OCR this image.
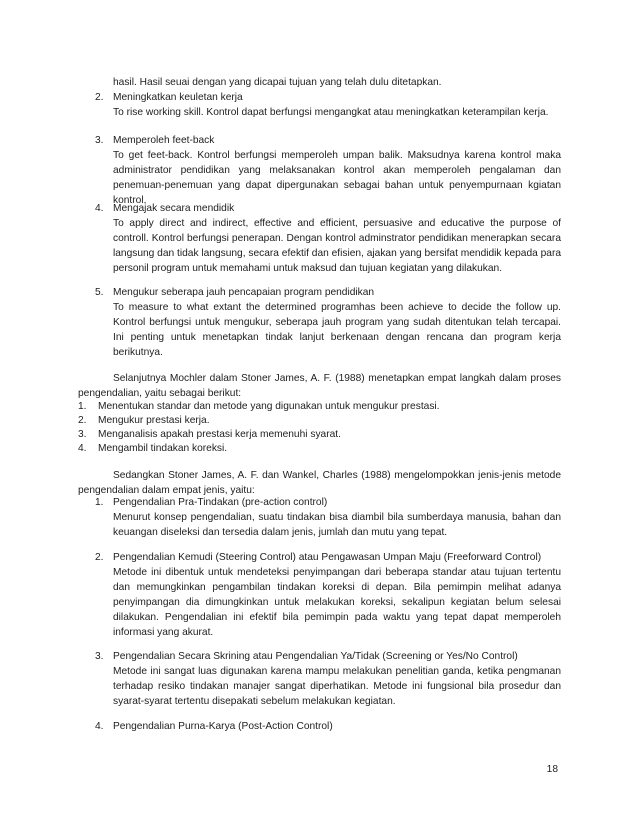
hasil. Hasil seuai dengan yang dicapai tujuan yang telah dulu ditetapkan.
2. Meningkatkan keuletan kerja
To rise working skill. Kontrol dapat berfungsi mengangkat atau meningkatkan keterampilan kerja.
3. Memperoleh feet-back
To get feet-back. Kontrol berfungsi memperoleh umpan balik. Maksudnya karena kontrol maka administrator pendidikan yang melaksanakan kontrol akan memperoleh pengalaman dan penemuan-penemuan yang dapat dipergunakan sebagai bahan untuk penyempurnaan kgiatan kontrol.
4. Mengajak secara mendidik
To apply direct and indirect, effective and efficient, persuasive and educative the purpose of controll. Kontrol berfungsi penerapan. Dengan kontrol adminstrator pendidikan menerapkan secara langsung dan tidak langsung, secara efektif dan efisien, ajakan yang bersifat mendidik kepada para personil program untuk memahami untuk maksud dan tujuan kegiatan yang dilakukan.
5. Mengukur seberapa jauh pencapaian program pendidikan
To measure to what extant the determined programhas been achieve to decide the follow up. Kontrol berfungsi untuk mengukur, seberapa jauh program yang sudah ditentukan telah tercapai. Ini penting untuk menetapkan tindak lanjut berkenaan dengan rencana dan program kerja berikutnya.
Selanjutnya Mochler dalam Stoner James, A. F. (1988) menetapkan empat langkah dalam proses pengendalian, yaitu sebagai berikut:
1. Menentukan standar dan metode yang digunakan untuk mengukur prestasi.
2. Mengukur prestasi kerja.
3. Menganalisis apakah prestasi kerja memenuhi syarat.
4. Mengambil tindakan koreksi.
Sedangkan Stoner James, A. F. dan Wankel, Charles (1988) mengelompokkan jenis-jenis metode pengendalian dalam empat jenis, yaitu:
1. Pengendalian Pra-Tindakan (pre-action control)
Menurut konsep pengendalian, suatu tindakan bisa diambil bila sumberdaya manusia, bahan dan keuangan diseleksi dan tersedia dalam jenis, jumlah dan mutu yang tepat.
2. Pengendalian Kemudi (Steering Control) atau Pengawasan Umpan Maju (Freeforward Control)
Metode ini dibentuk untuk mendeteksi penyimpangan dari beberapa standar atau tujuan tertentu dan memungkinkan pengambilan tindakan koreksi di depan. Bila pemimpin melihat adanya penyimpangan dia dimungkinkan untuk melakukan koreksi, sekalipun kegiatan belum selesai dilakukan. Pengendalian ini efektif bila pemimpin pada waktu yang tepat dapat memperoleh informasi yang akurat.
3. Pengendalian Secara Skrining atau Pengendalian Ya/Tidak (Screening or Yes/No Control)
Metode ini sangat luas digunakan karena mampu melakukan penelitian ganda, ketika pengmanan terhadap resiko tindakan manajer sangat diperhatikan. Metode ini fungsional bila prosedur dan syarat-syarat tertentu disepakati sebelum melakukan kegiatan.
4. Pengendalian Purna-Karya (Post-Action Control)
18
